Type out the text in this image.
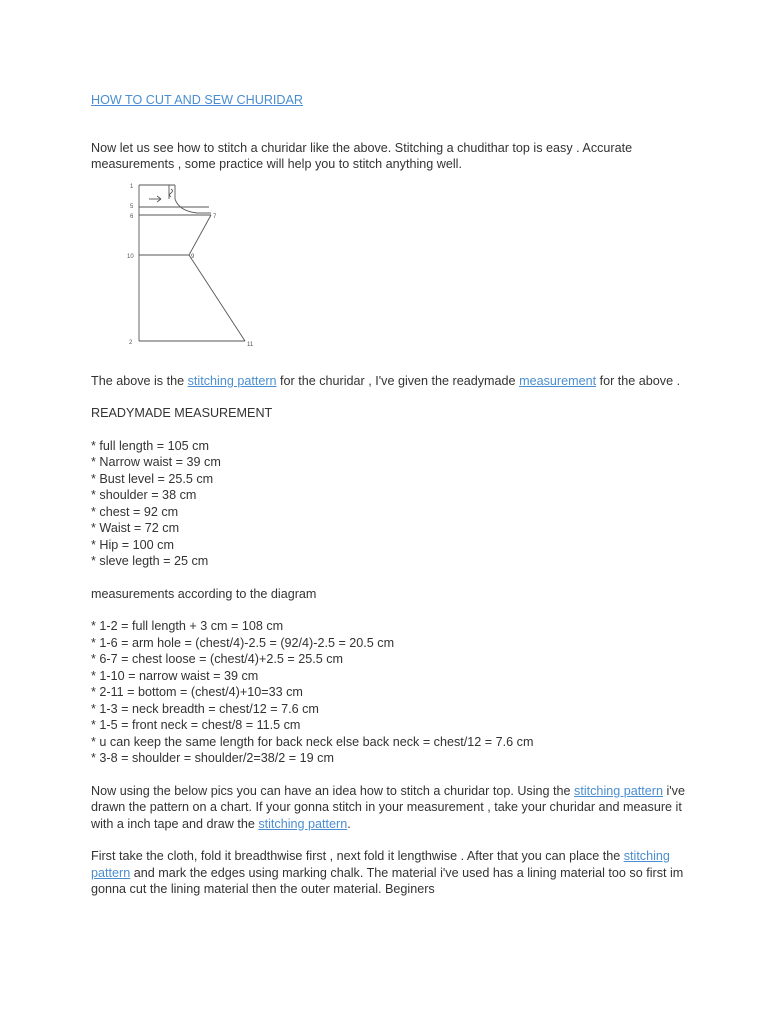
HOW TO CUT AND SEW CHURIDAR

Now let us see how to stitch a churidar like the above. Stitching a chudithar top is easy . Accurate measurements , some practice will help you to stitch anything well.

1
5
6
10
2
7
9
11

The above is the stitching pattern for the churidar , I've given the readymade measurement for the above .

READYMADE MEASUREMENT

* full length = 105 cm
* Narrow waist = 39 cm
* Bust level = 25.5 cm
* shoulder = 38 cm
* chest = 92 cm
* Waist = 72 cm
* Hip = 100 cm
* sleve legth = 25 cm

measurements according to the diagram

* 1-2 = full length + 3 cm = 108 cm
* 1-6 = arm hole = (chest/4)-2.5 = (92/4)-2.5 = 20.5 cm
* 6-7 = chest loose = (chest/4)+2.5 = 25.5 cm
* 1-10 = narrow waist = 39 cm
* 2-11 = bottom = (chest/4)+10=33 cm
* 1-3 = neck breadth = chest/12 = 7.6 cm
* 1-5 = front neck = chest/8 = 11.5 cm
* u can keep the same length for back neck else back neck = chest/12 = 7.6 cm
* 3-8 = shoulder = shoulder/2=38/2 = 19 cm

Now using the below pics you can have an idea how to stitch a churidar top. Using the stitching pattern i've drawn the pattern on a chart. If your gonna stitch in your measurement , take your churidar and measure it with a inch tape and draw the stitching pattern.

First take the cloth, fold it breadthwise first , next fold it lengthwise . After that you can place the stitching pattern and mark the edges using marking chalk. The material i've used has a lining material too so first im gonna cut the lining material then the outer material. Beginers
